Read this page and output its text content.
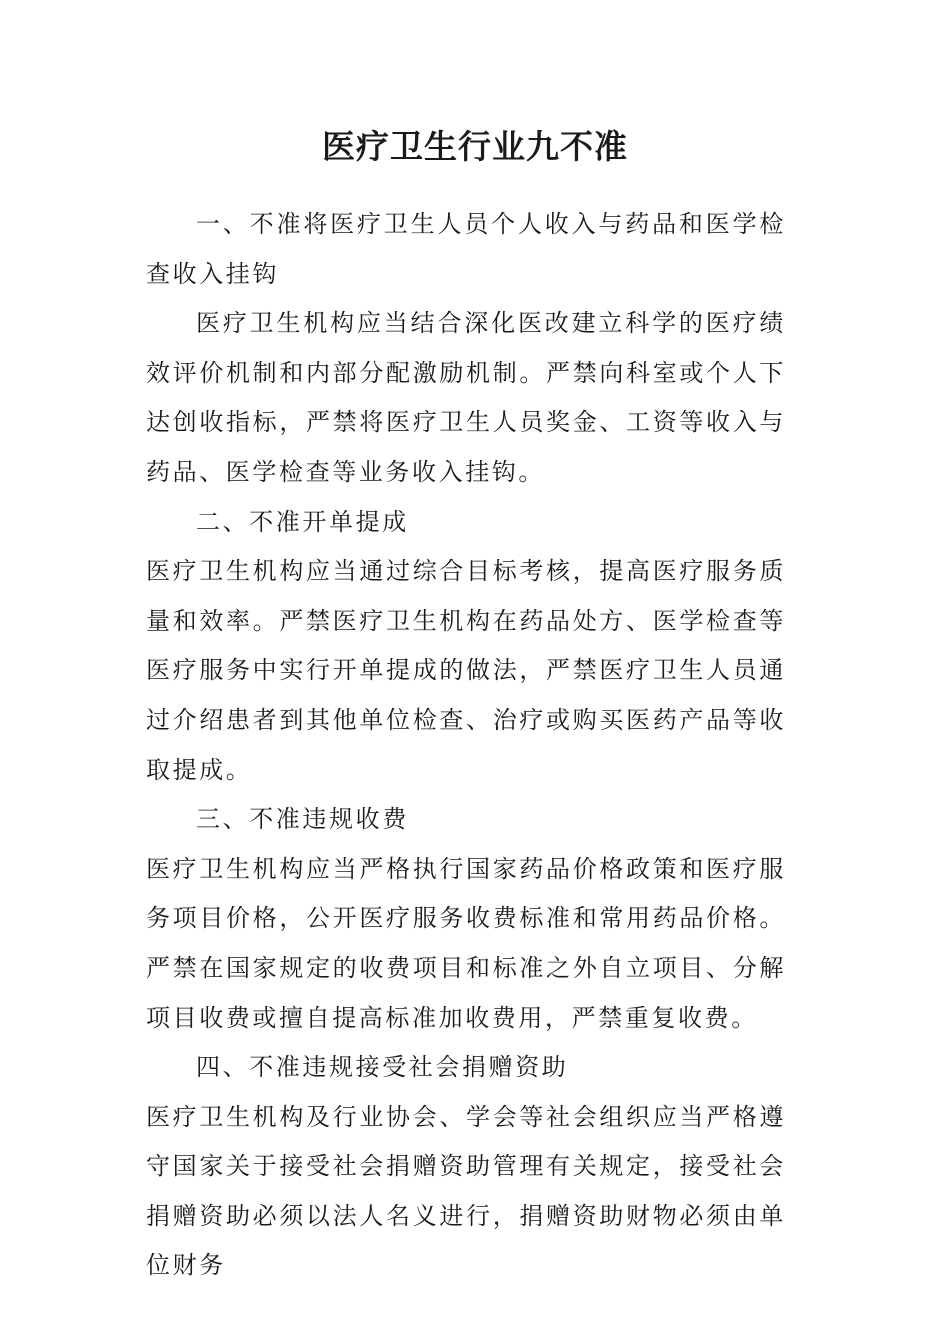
医疗卫生行业九不准

一、不准将医疗卫生人员个人收入与药品和医学检查收入挂钩

医疗卫生机构应当结合深化医改建立科学的医疗绩效评价机制和内部分配激励机制。严禁向科室或个人下达创收指标，严禁将医疗卫生人员奖金、工资等收入与药品、医学检查等业务收入挂钩。

二、不准开单提成

医疗卫生机构应当通过综合目标考核，提高医疗服务质量和效率。严禁医疗卫生机构在药品处方、医学检查等医疗服务中实行开单提成的做法，严禁医疗卫生人员通过介绍患者到其他单位检查、治疗或购买医药产品等收取提成。

三、不准违规收费

医疗卫生机构应当严格执行国家药品价格政策和医疗服务项目价格，公开医疗服务收费标准和常用药品价格。严禁在国家规定的收费项目和标准之外自立项目、分解项目收费或擅自提高标准加收费用，严禁重复收费。

四、不准违规接受社会捐赠资助

医疗卫生机构及行业协会、学会等社会组织应当严格遵守国家关于接受社会捐赠资助管理有关规定，接受社会捐赠资助必须以法人名义进行，捐赠资助财物必须由单位财务
